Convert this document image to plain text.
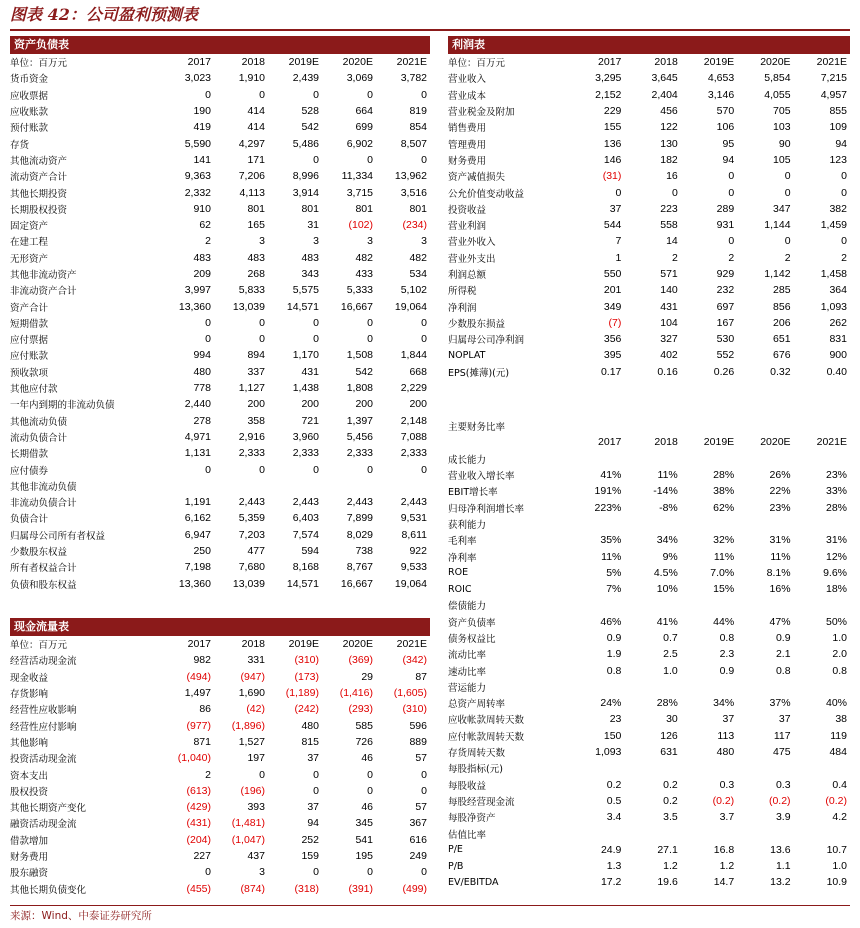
图表 42：公司盈利预测表
资产负债表
单位：百万元	2017	2018	2019E	2020E	2021E
货币资金	3,023	1,910	2,439	3,069	3,782
应收票据	0	0	0	0	0
应收账款	190	414	528	664	819
预付账款	419	414	542	699	854
存货	5,590	4,297	5,486	6,902	8,507
其他流动资产	141	171	0	0	0
流动资产合计	9,363	7,206	8,996	11,334	13,962
其他长期投资	2,332	4,113	3,914	3,715	3,516
长期股权投资	910	801	801	801	801
固定资产	62	165	31	(102)	(234)
在建工程	2	3	3	3	3
无形资产	483	483	483	482	482
其他非流动资产	209	268	343	433	534
非流动资产合计	3,997	5,833	5,575	5,333	5,102
资产合计	13,360	13,039	14,571	16,667	19,064
短期借款	0	0	0	0	0
应付票据	0	0	0	0	0
应付账款	994	894	1,170	1,508	1,844
预收款项	480	337	431	542	668
其他应付款	778	1,127	1,438	1,808	2,229
一年内到期的非流动负债	2,440	200	200	200	200
其他流动负债	278	358	721	1,397	2,148
流动负债合计	4,971	2,916	3,960	5,456	7,088
长期借款	1,131	2,333	2,333	2,333	2,333
应付债券	0	0	0	0	0
其他非流动负债					
非流动负债合计	1,191	2,443	2,443	2,443	2,443
负债合计	6,162	5,359	6,403	7,899	9,531
归属母公司所有者权益	6,947	7,203	7,574	8,029	8,611
少数股东权益	250	477	594	738	922
所有者权益合计	7,198	7,680	8,168	8,767	9,533
负债和股东权益	13,360	13,039	14,571	16,667	19,064
现金流量表
单位：百万元	2017	2018	2019E	2020E	2021E
经营活动现金流	982	331	(310)	(369)	(342)
现金收益	(494)	(947)	(173)	29	87
存货影响	1,497	1,690	(1,189)	(1,416)	(1,605)
经营性应收影响	86	(42)	(242)	(293)	(310)
经营性应付影响	(977)	(1,896)	480	585	596
其他影响	871	1,527	815	726	889
投资活动现金流	(1,040)	197	37	46	57
资本支出	2	0	0	0	0
股权投资	(613)	(196)	0	0	0
其他长期资产变化	(429)	393	37	46	57
融资活动现金流	(431)	(1,481)	94	345	367
借款增加	(204)	(1,047)	252	541	616
财务费用	227	437	159	195	249
股东融资	0	3	0	0	0
其他长期负债变化	(455)	(874)	(318)	(391)	(499)
利润表
单位：百万元	2017	2018	2019E	2020E	2021E
营业收入	3,295	3,645	4,653	5,854	7,215
营业成本	2,152	2,404	3,146	4,055	4,957
营业税金及附加	229	456	570	705	855
销售费用	155	122	106	103	109
管理费用	136	130	95	90	94
财务费用	146	182	94	105	123
资产减值损失	(31)	16	0	0	0
公允价值变动收益	0	0	0	0	0
投资收益	37	223	289	347	382
营业利润	544	558	931	1,144	1,459
营业外收入	7	14	0	0	0
营业外支出	1	2	2	2	2
利润总额	550	571	929	1,142	1,458
所得税	201	140	232	285	364
净利润	349	431	697	856	1,093
少数股东损益	(7)	104	167	206	262
归属母公司净利润	356	327	530	651	831
NOPLAT	395	402	552	676	900
EPS(摊薄)(元)	0.17	0.16	0.26	0.32	0.40
主要财务比率					
	2017	2018	2019E	2020E	2021E
成长能力					
营业收入增长率	41%	11%	28%	26%	23%
EBIT增长率	191%	-14%	38%	22%	33%
归母净利润增长率	223%	-8%	62%	23%	28%
获利能力					
毛利率	35%	34%	32%	31%	31%
净利率	11%	9%	11%	11%	12%
ROE	5%	4.5%	7.0%	8.1%	9.6%
ROIC	7%	10%	15%	16%	18%
偿债能力					
资产负债率	46%	41%	44%	47%	50%
债务权益比	0.9	0.7	0.8	0.9	1.0
流动比率	1.9	2.5	2.3	2.1	2.0
速动比率	0.8	1.0	0.9	0.8	0.8
营运能力					
总资产周转率	24%	28%	34%	37%	40%
应收帐款周转天数	23	30	37	37	38
应付帐款周转天数	150	126	113	117	119
存货周转天数	1,093	631	480	475	484
每股指标(元)					
每股收益	0.2	0.2	0.3	0.3	0.4
每股经营现金流	0.5	0.2	(0.2)	(0.2)	(0.2)
每股净资产	3.4	3.5	3.7	3.9	4.2
估值比率					
P/E	24.9	27.1	16.8	13.6	10.7
P/B	1.3	1.2	1.2	1.1	1.0
EV/EBITDA	17.2	19.6	14.7	13.2	10.9
来源：Wind、中泰证券研究所
